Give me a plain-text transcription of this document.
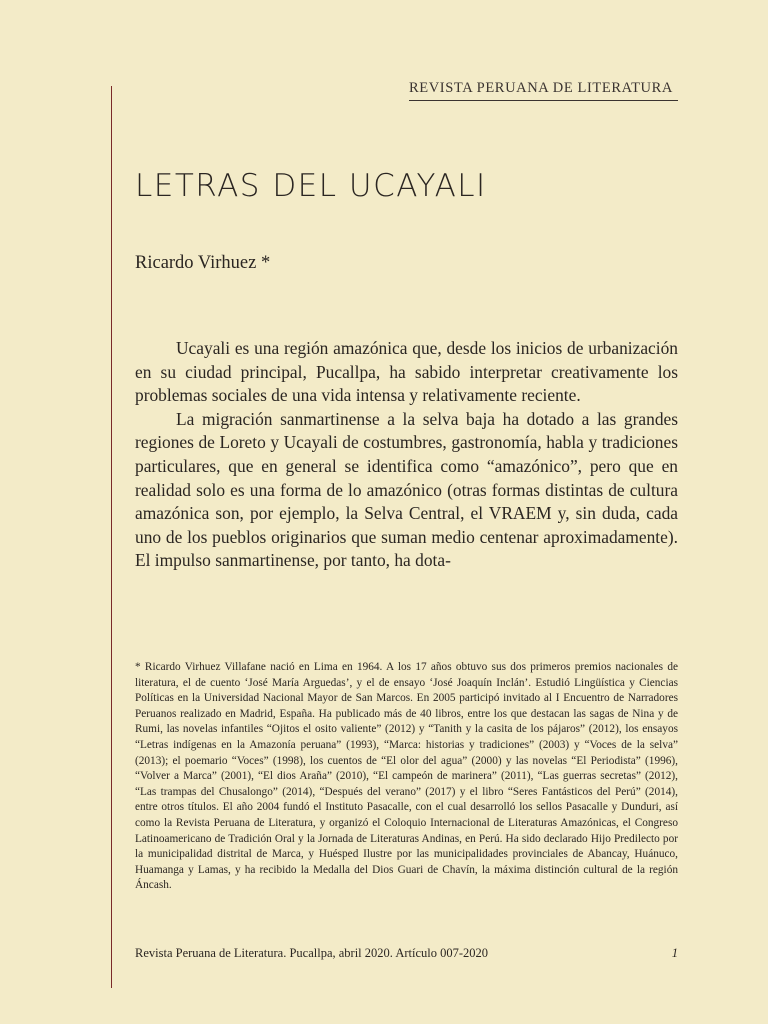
REVISTA PERUANA DE LITERATURA
LETRAS DEL UCAYALI
Ricardo Virhuez *

Ucayali es una región amazónica que, desde los inicios de urbanización en su ciudad principal, Pucallpa, ha sabido interpretar creativamente los problemas sociales de una vida intensa y relativamente reciente.

La migración sanmartinense a la selva baja ha dotado a las grandes regiones de Loreto y Ucayali de costumbres, gastronomía, habla y tradiciones particulares, que en general se identifica como “amazónico”, pero que en realidad solo es una forma de lo amazónico (otras formas distintas de cultura amazónica son, por ejemplo, la Selva Central, el VRAEM y, sin duda, cada uno de los pueblos originarios que suman medio centenar aproximadamente). El impulso sanmartinense, por tanto, ha dota-

* Ricardo Virhuez Villafane nació en Lima en 1964. A los 17 años obtuvo sus dos primeros premios nacionales de literatura, el de cuento ‘José María Arguedas’, y el de ensayo ‘José Joaquín Inclán’. Estudió Lingüística y Ciencias Políticas en la Universidad Nacional Mayor de San Marcos. En 2005 participó invitado al I Encuentro de Narradores Peruanos realizado en Madrid, España. Ha publicado más de 40 libros, entre los que destacan las sagas de Nina y de Rumi, las novelas infantiles “Ojitos el osito valiente” (2012) y “Tanith y la casita de los pájaros” (2012), los ensayos “Letras indígenas en la Amazonía peruana” (1993), “Marca: historias y tradiciones” (2003) y “Voces de la selva” (2013); el poemario “Voces” (1998), los cuentos de “El olor del agua” (2000) y las novelas “El Periodista” (1996), “Volver a Marca” (2001), “El dios Araña” (2010), “El campeón de marinera” (2011), “Las guerras secretas” (2012), “Las trampas del Chusalongo” (2014), “Después del verano” (2017) y el libro “Seres Fantásticos del Perú” (2014), entre otros títulos. El año 2004 fundó el Instituto Pasacalle, con el cual desarrolló los sellos Pasacalle y Dunduri, así como la Revista Peruana de Literatura, y organizó el Coloquio Internacional de Literaturas Amazónicas, el Congreso Latinoamericano de Tradición Oral y la Jornada de Literaturas Andinas, en Perú. Ha sido declarado Hijo Predilecto por la municipalidad distrital de Marca, y Huésped Ilustre por las municipalidades provinciales de Abancay, Huánuco, Huamanga y Lamas, y ha recibido la Medalla del Dios Guari de Chavín, la máxima distinción cultural de la región Áncash.
Revista Peruana de Literatura. Pucallpa, abril 2020. Artículo 007-2020	1
